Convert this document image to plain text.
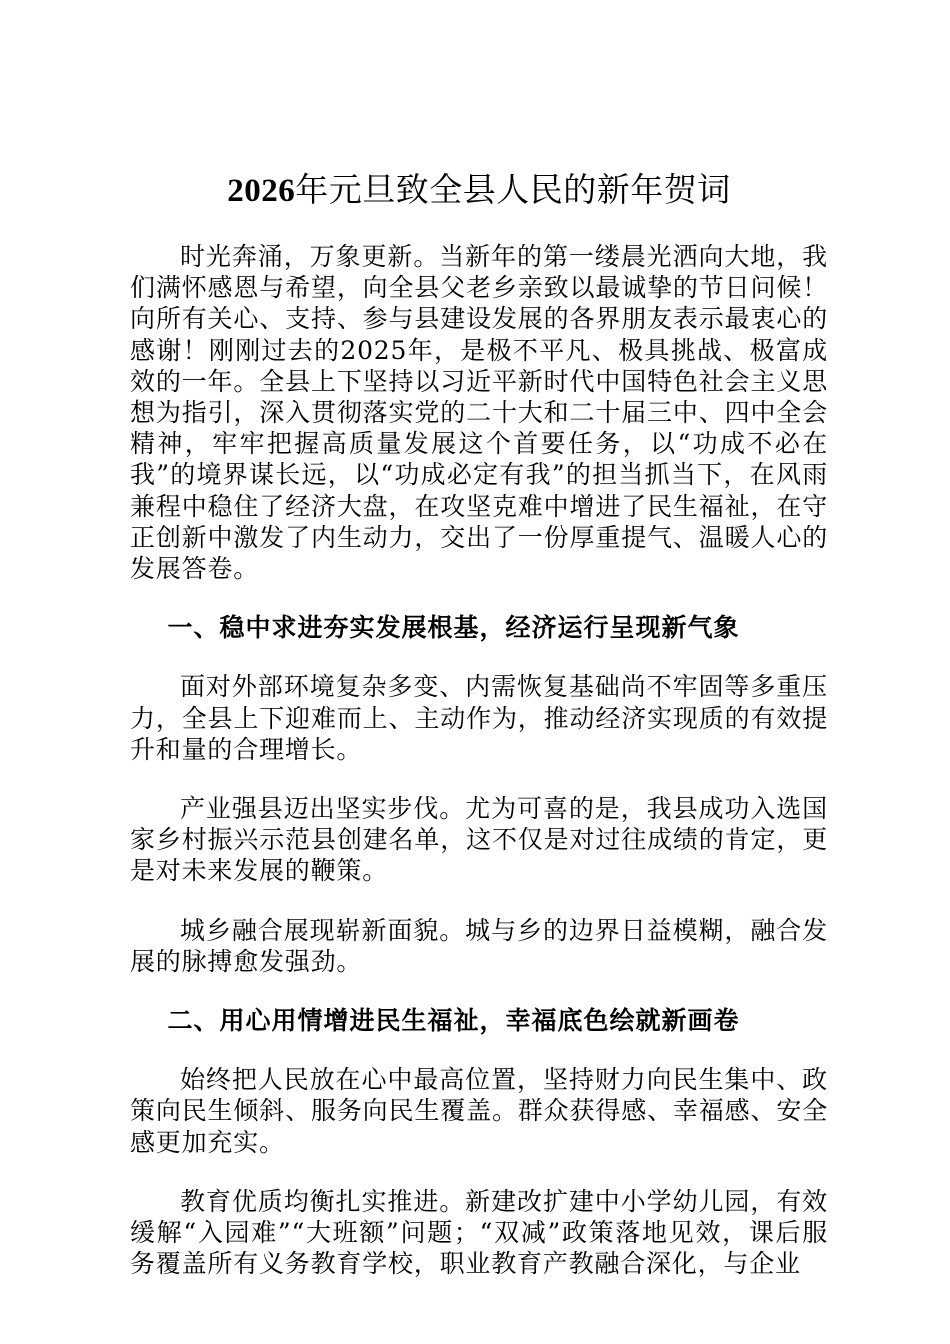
2026年元旦致全县人民的新年贺词

时光奔涌，万象更新。当新年的第一缕晨光洒向大地，我们满怀感恩与希望，向全县父老乡亲致以最诚挚的节日问候！向所有关心、支持、参与县建设发展的各界朋友表示最衷心的感谢！刚刚过去的2025年，是极不平凡、极具挑战、极富成效的一年。全县上下坚持以习近平新时代中国特色社会主义思想为指引，深入贯彻落实党的二十大和二十届三中、四中全会精神，牢牢把握高质量发展这个首要任务，以“功成不必在我”的境界谋长远，以“功成必定有我”的担当抓当下，在风雨兼程中稳住了经济大盘，在攻坚克难中增进了民生福祉，在守正创新中激发了内生动力，交出了一份厚重提气、温暖人心的发展答卷。

一、稳中求进夯实发展根基，经济运行呈现新气象

面对外部环境复杂多变、内需恢复基础尚不牢固等多重压力，全县上下迎难而上、主动作为，推动经济实现质的有效提升和量的合理增长。

产业强县迈出坚实步伐。尤为可喜的是，我县成功入选国家乡村振兴示范县创建名单，这不仅是对过往成绩的肯定，更是对未来发展的鞭策。

城乡融合展现崭新面貌。城与乡的边界日益模糊，融合发展的脉搏愈发强劲。

二、用心用情增进民生福祉，幸福底色绘就新画卷

始终把人民放在心中最高位置，坚持财力向民生集中、政策向民生倾斜、服务向民生覆盖。群众获得感、幸福感、安全感更加充实。

教育优质均衡扎实推进。新建改扩建中小学幼儿园，有效缓解“入园难”“大班额”问题；“双减”政策落地见效，课后服务覆盖所有义务教育学校，职业教育产教融合深化，与企业
